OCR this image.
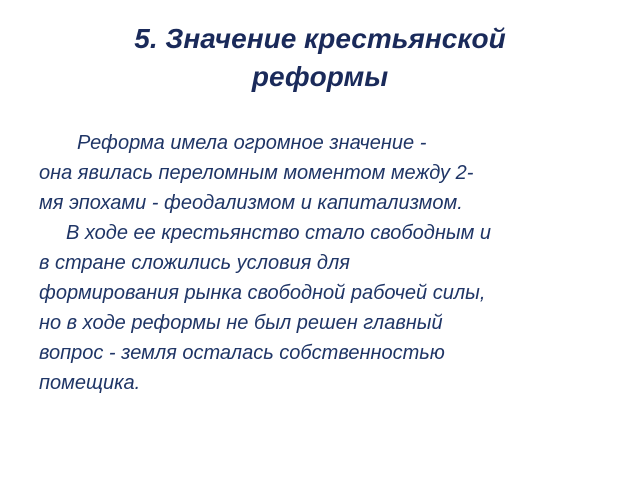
5. Значение крестьянской
реформы
Реформа имела огромное значение -
она явилась переломным моментом между 2-
мя эпохами - феодализмом и капитализмом.
В ходе ее крестьянство стало свободным и
в стране сложились условия для
формирования рынка свободной рабочей силы,
но в ходе реформы не был решен главный
вопрос - земля осталась собственностью
помещика.
